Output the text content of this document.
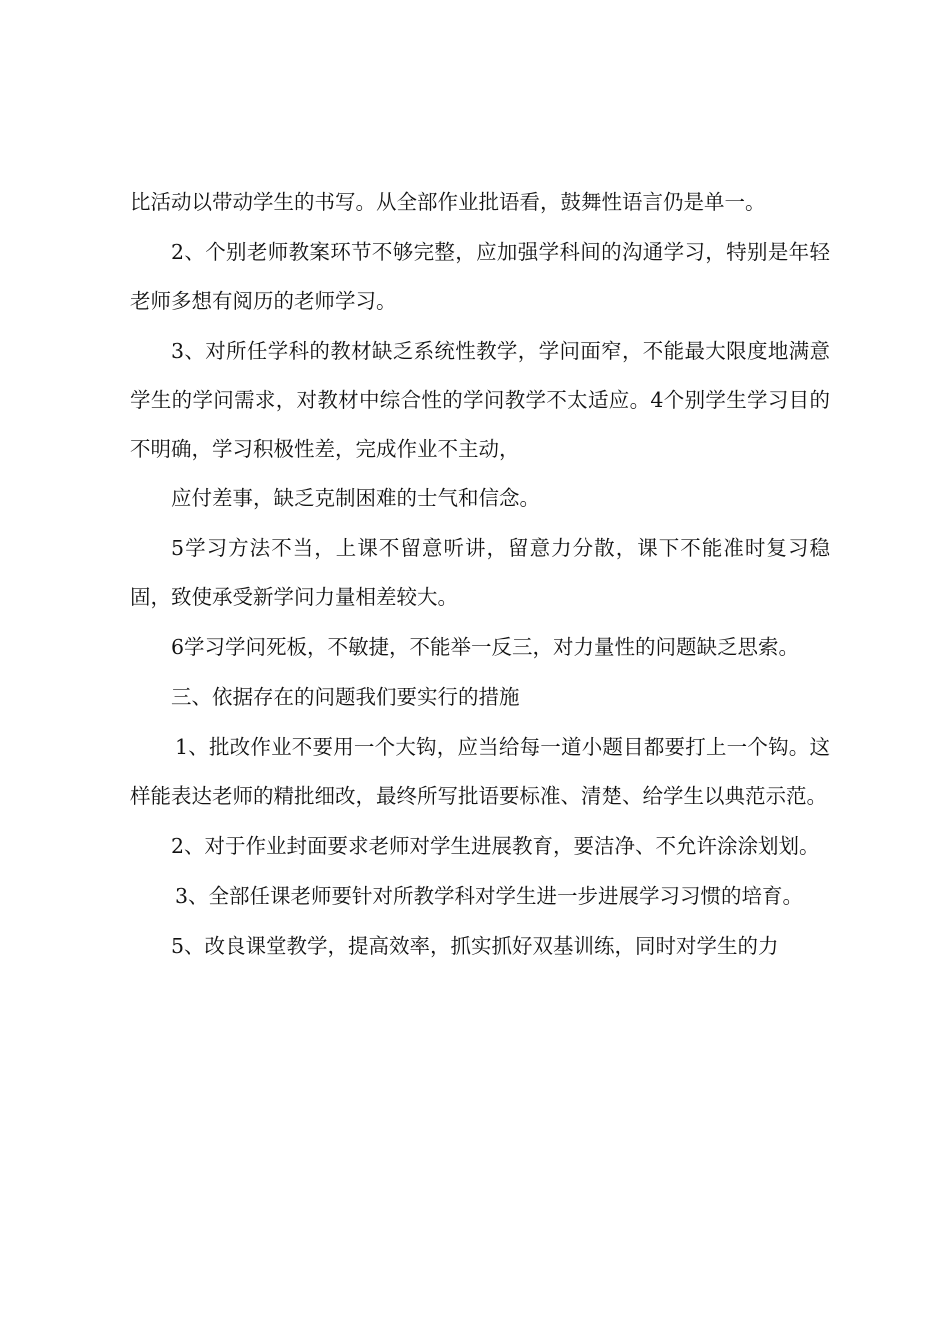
比活动以带动学生的书写。从全部作业批语看，鼓舞性语言仍是单一。

2、个别老师教案环节不够完整，应加强学科间的沟通学习，特别是年轻老师多想有阅历的老师学习。

3、对所任学科的教材缺乏系统性教学，学问面窄，不能最大限度地满意学生的学问需求，对教材中综合性的学问教学不太适应。4个别学生学习目的不明确，学习积极性差，完成作业不主动，

应付差事，缺乏克制困难的士气和信念。

5学习方法不当，上课不留意听讲，留意力分散，课下不能准时复习稳固，致使承受新学问力量相差较大。

6学习学问死板，不敏捷，不能举一反三，对力量性的问题缺乏思索。

三、依据存在的问题我们要实行的措施

1、批改作业不要用一个大钩，应当给每一道小题目都要打上一个钩。这样能表达老师的精批细改，最终所写批语要标准、清楚、给学生以典范示范。

2、对于作业封面要求老师对学生进展教育，要洁净、不允许涂涂划划。

3、全部任课老师要针对所教学科对学生进一步进展学习习惯的培育。

5、改良课堂教学，提高效率，抓实抓好双基训练，同时对学生的力
